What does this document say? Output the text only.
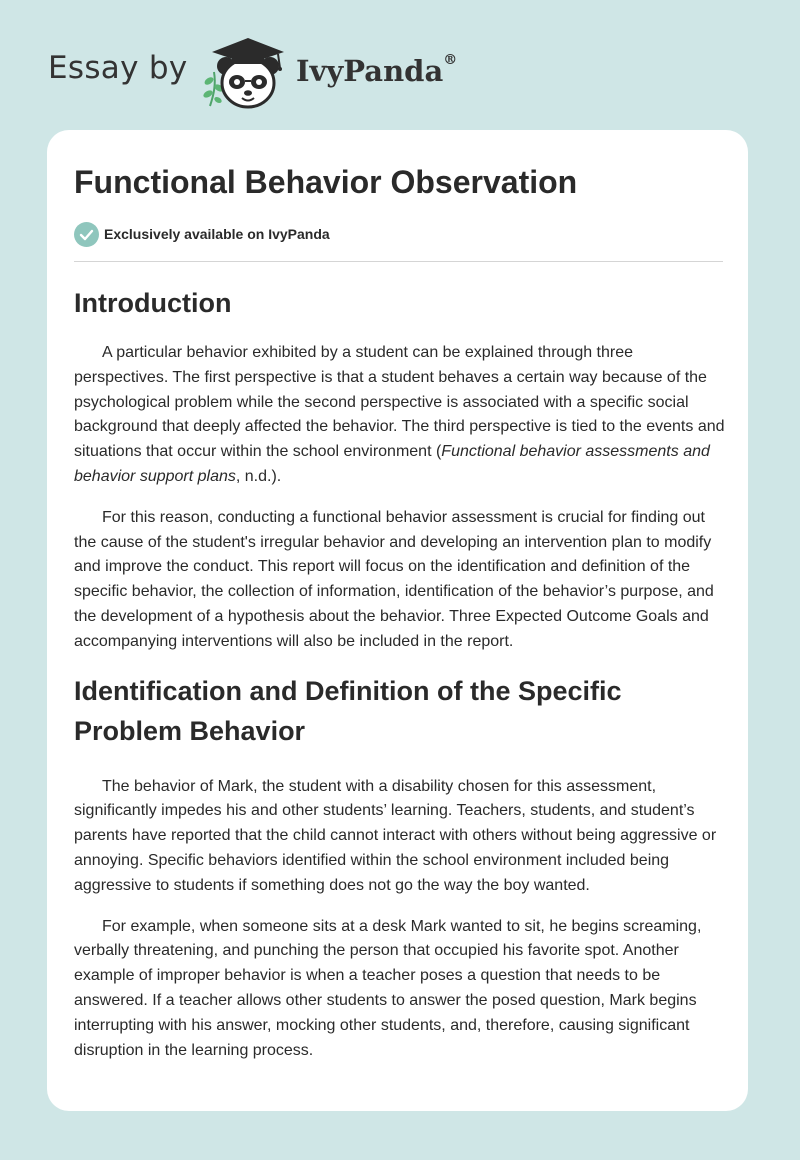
Essay by	IvyPanda®
Functional Behavior Observation
Exclusively available on IvyPanda
Introduction

A particular behavior exhibited by a student can be explained through three perspectives. The first perspective is that a student behaves a certain way because of the psychological problem while the second perspective is associated with a specific social background that deeply affected the behavior. The third perspective is tied to the events and situations that occur within the school environment (Functional behavior assessments and behavior support plans, n.d.).

For this reason, conducting a functional behavior assessment is crucial for finding out the cause of the student's irregular behavior and developing an intervention plan to modify and improve the conduct. This report will focus on the identification and definition of the specific behavior, the collection of information, identification of the behavior’s purpose, and the development of a hypothesis about the behavior. Three Expected Outcome Goals and accompanying interventions will also be included in the report.

Identification and Definition of the Specific Problem Behavior

The behavior of Mark, the student with a disability chosen for this assessment, significantly impedes his and other students’ learning. Teachers, students, and student’s parents have reported that the child cannot interact with others without being aggressive or annoying. Specific behaviors identified within the school environment included being aggressive to students if something does not go the way the boy wanted.

For example, when someone sits at a desk Mark wanted to sit, he begins screaming, verbally threatening, and punching the person that occupied his favorite spot. Another example of improper behavior is when a teacher poses a question that needs to be answered. If a teacher allows other students to answer the posed question, Mark begins interrupting with his answer, mocking other students, and, therefore, causing significant disruption in the learning process.
